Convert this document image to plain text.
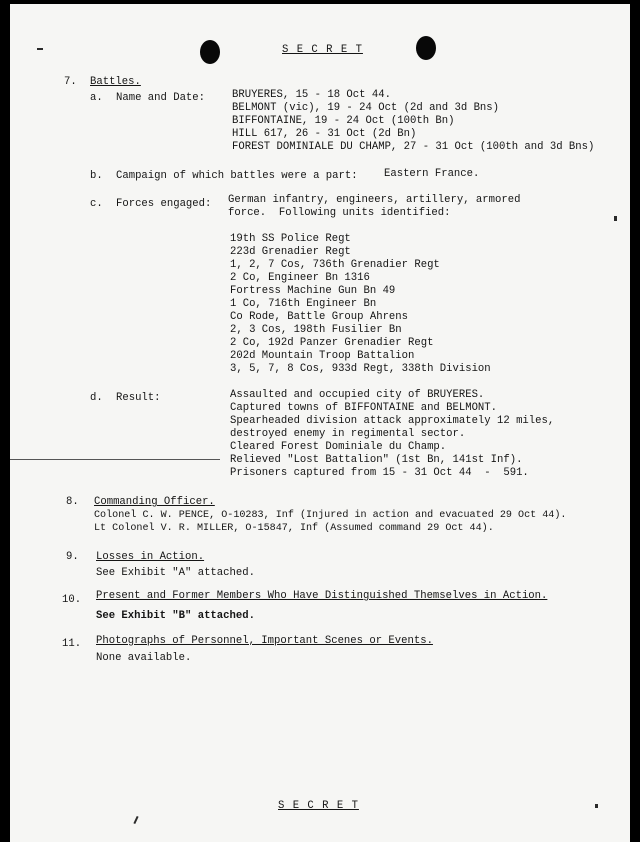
S E C R E T
7. Battles.
a. Name and Date:	BRUYERES, 15 - 18 Oct 44.
BELMONT (vic), 19 - 24 Oct (2d and 3d Bns)
BIFFONTAINE, 19 - 24 Oct (100th Bn)
HILL 617, 26 - 31 Oct (2d Bn)
FOREST DOMINIALE DU CHAMP, 27 - 31 Oct (100th and 3d Bns)
b. Campaign of which battles were a part: Eastern France.
c. Forces engaged: German infantry, engineers, artillery, armored
force.  Following units identified:
19th SS Police Regt
223d Grenadier Regt
1, 2, 7 Cos, 736th Grenadier Regt
2 Co, Engineer Bn 1316
Fortress Machine Gun Bn 49
1 Co, 716th Engineer Bn
Co Rode, Battle Group Ahrens
2, 3 Cos, 198th Fusilier Bn
2 Co, 192d Panzer Grenadier Regt
202d Mountain Troop Battalion
3, 5, 7, 8 Cos, 933d Regt, 338th Division
d. Result:	Assaulted and occupied city of BRUYERES.
Captured towns of BIFFONTAINE and BELMONT.
Spearheaded division attack approximately 12 miles,
destroyed enemy in regimental sector.
Cleared Forest Dominiale du Champ.
Relieved "Lost Battalion" (1st Bn, 141st Inf).
Prisoners captured from 15 - 31 Oct 44  -  591.
8. Commanding Officer.
Colonel C. W. PENCE, O-10283, Inf (Injured in action and evacuated 29 Oct 44).
Lt Colonel V. R. MILLER, O-15847, Inf (Assumed command 29 Oct 44).
9. Losses in Action.
See Exhibit "A" attached.
10. Present and Former Members Who Have Distinguished Themselves in Action.
See Exhibit "B" attached.
11. Photographs of Personnel, Important Scenes or Events.
None available.
S E C R E T
